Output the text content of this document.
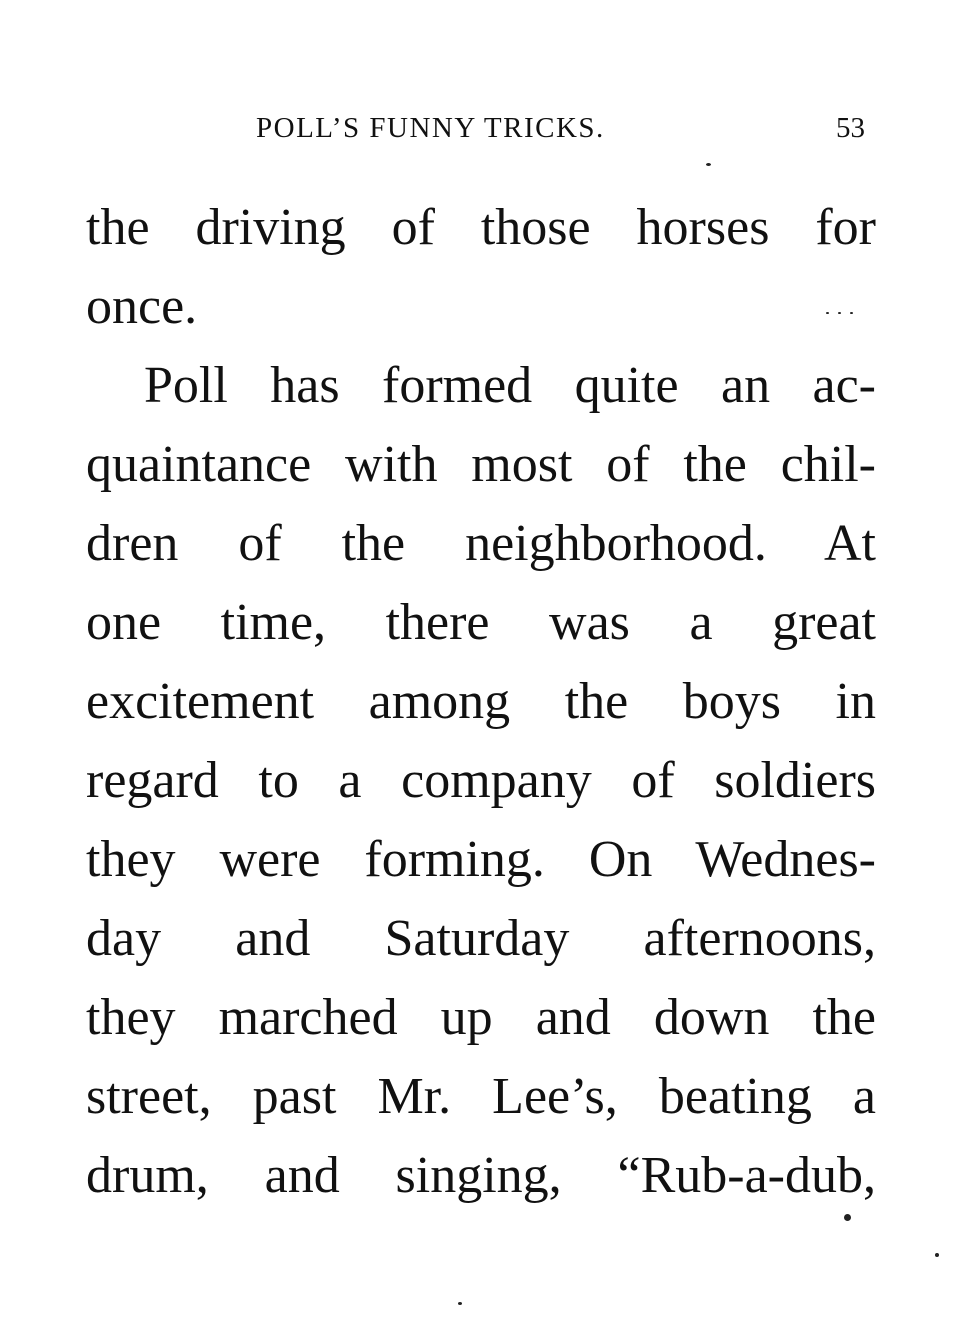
POLL’S FUNNY TRICKS.	53
the driving of those horses for
once.
Poll has formed quite an ac-
quaintance with most of the chil-
dren of the neighborhood. At
one time, there was a great
excitement among the boys in
regard to a company of soldiers
they were forming. On Wednes-
day and Saturday afternoons,
they marched up and down the
street, past Mr. Lee’s, beating a
drum, and singing, “Rub-a-dub,
